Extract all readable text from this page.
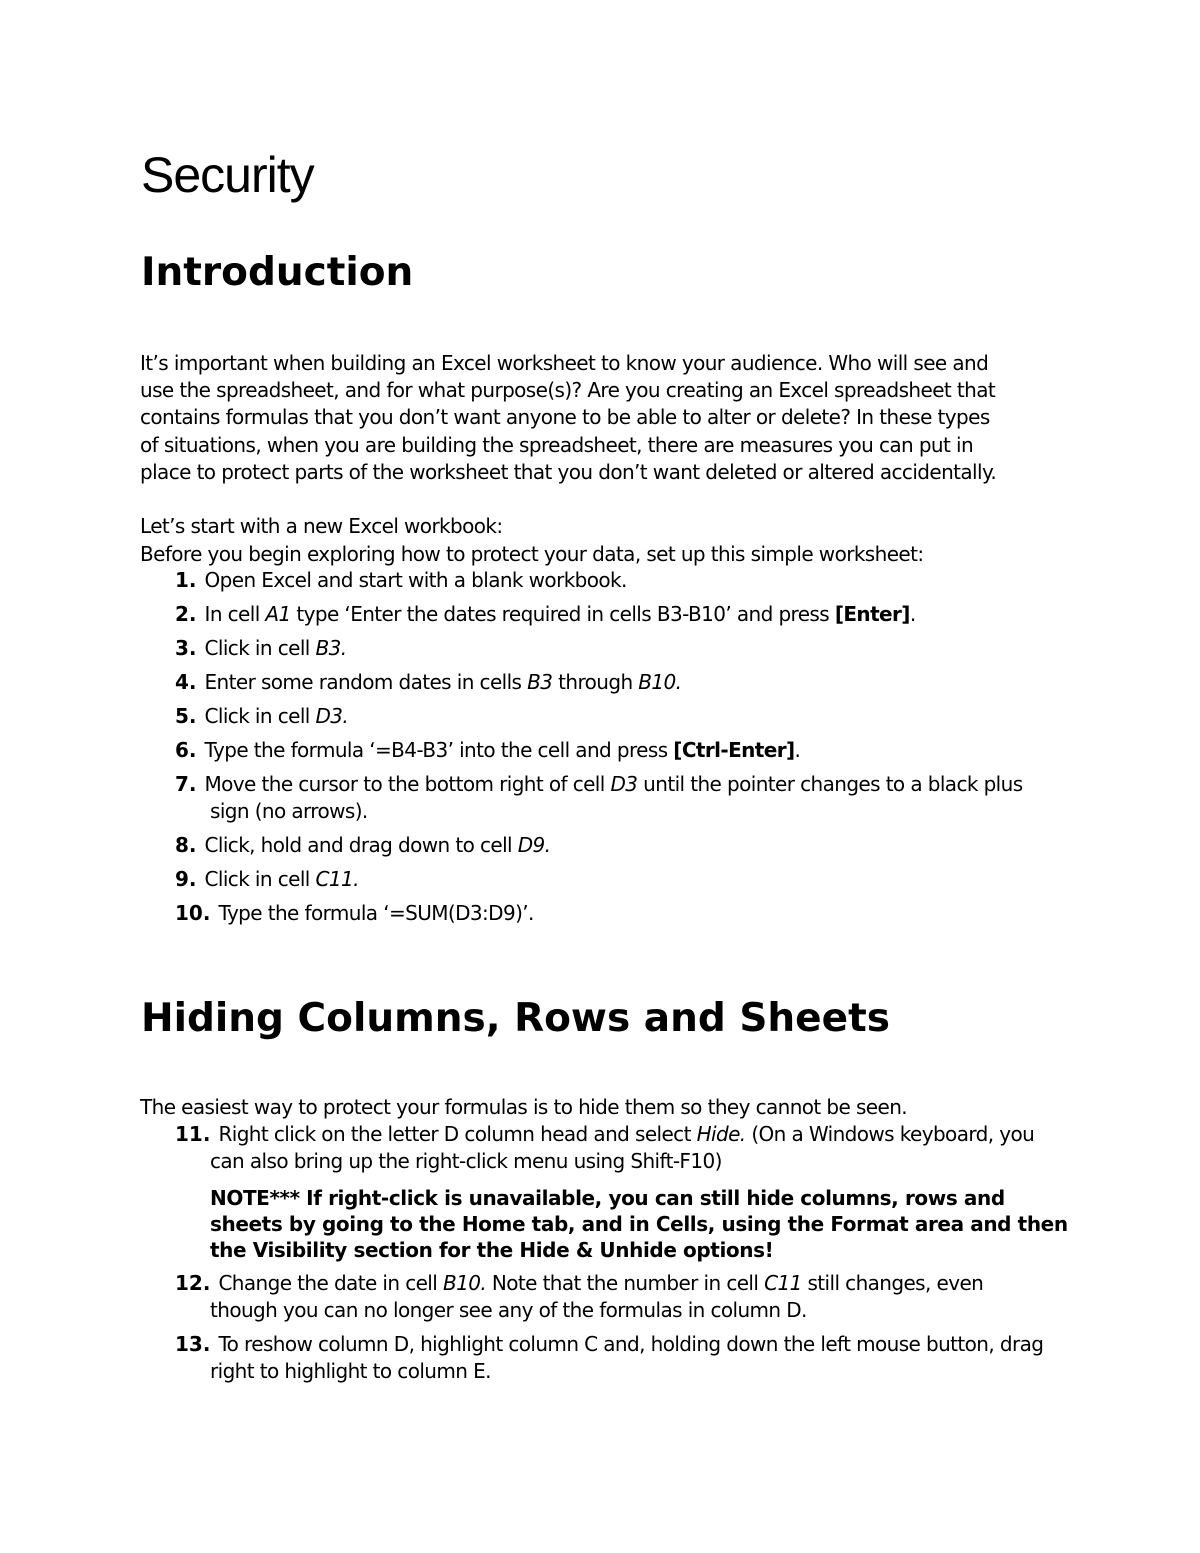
Security
Introduction

It’s important when building an Excel worksheet to know your audience. Who will see and
use the spreadsheet, and for what purpose(s)? Are you creating an Excel spreadsheet that
contains formulas that you don’t want anyone to be able to alter or delete? In these types
of situations, when you are building the spreadsheet, there are measures you can put in
place to protect parts of the worksheet that you don’t want deleted or altered accidentally.

Let’s start with a new Excel workbook:

Before you begin exploring how to protect your data, set up this simple worksheet:

1. Open Excel and start with a blank workbook.
2. In cell A1 type ‘Enter the dates required in cells B3-B10’ and press [Enter].
3. Click in cell B3.
4. Enter some random dates in cells B3 through B10.
5. Click in cell D3.
6. Type the formula ‘=B4-B3’ into the cell and press [Ctrl-Enter].
7. Move the cursor to the bottom right of cell D3 until the pointer changes to a black plus
sign (no arrows).
8. Click, hold and drag down to cell D9.
9. Click in cell C11.
10. Type the formula ‘=SUM(D3:D9)’.
Hiding Columns, Rows and Sheets

The easiest way to protect your formulas is to hide them so they cannot be seen.

11. Right click on the letter D column head and select Hide. (On a Windows keyboard, you
can also bring up the right-click menu using Shift-F10)
NOTE*** If right-click is unavailable, you can still hide columns, rows and
sheets by going to the Home tab, and in Cells, using the Format area and then
the Visibility section for the Hide & Unhide options!
12. Change the date in cell B10. Note that the number in cell C11 still changes, even
though you can no longer see any of the formulas in column D.
13. To reshow column D, highlight column C and, holding down the left mouse button, drag
right to highlight to column E.
